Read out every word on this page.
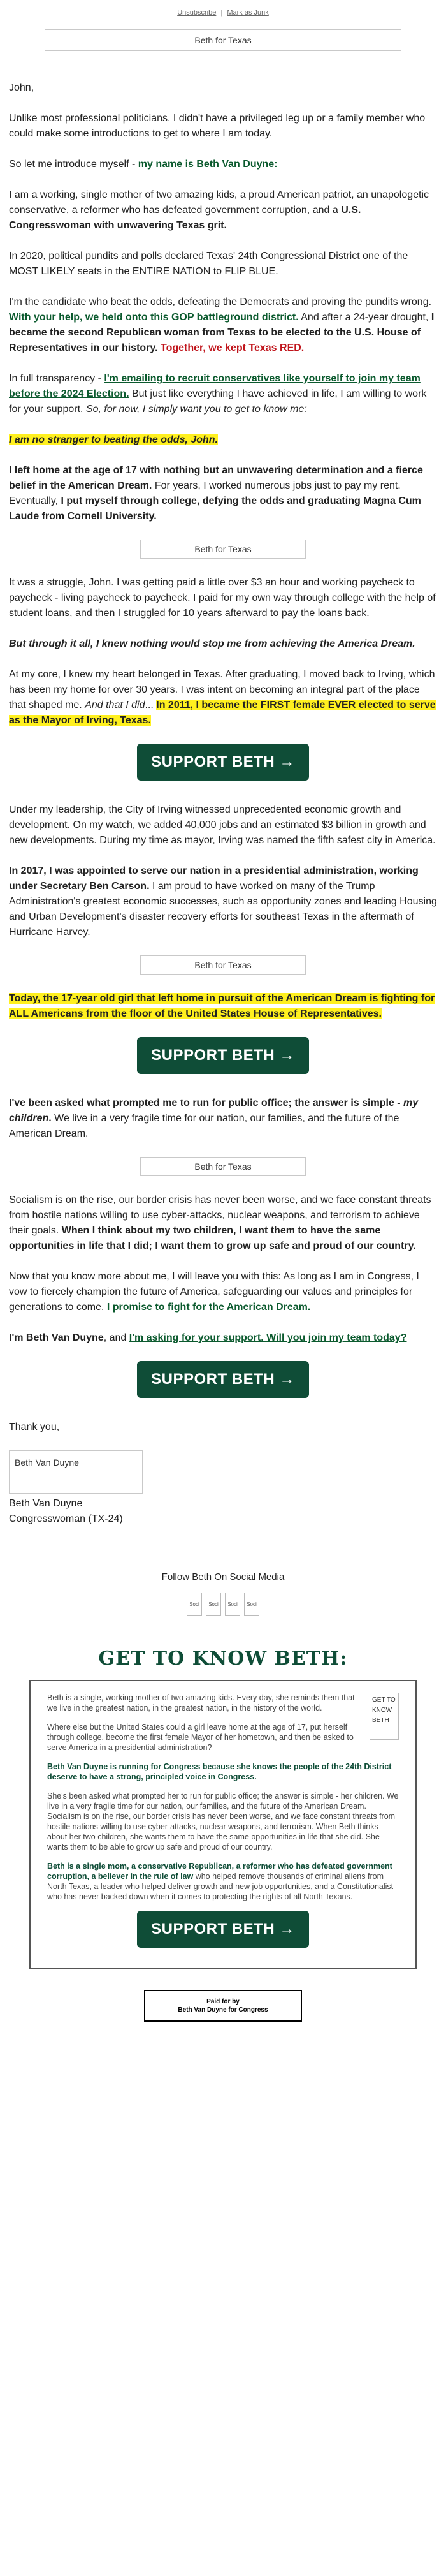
Unsubscribe | Mark as Junk
Beth for Texas

John,

Unlike most professional politicians, I didn't have a privileged leg up or a family member who could make some introductions to get to where I am today.

So let me introduce myself - my name is Beth Van Duyne:

I am a working, single mother of two amazing kids, a proud American patriot, an unapologetic conservative, a reformer who has defeated government corruption, and a U.S. Congresswoman with unwavering Texas grit.

In 2020, political pundits and polls declared Texas' 24th Congressional District one of the MOST LIKELY seats in the ENTIRE NATION to FLIP BLUE.

I'm the candidate who beat the odds, defeating the Democrats and proving the pundits wrong. With your help, we held onto this GOP battleground district. And after a 24-year drought, I became the second Republican woman from Texas to be elected to the U.S. House of Representatives in our history. Together, we kept Texas RED.

In full transparency - I'm emailing to recruit conservatives like yourself to join my team before the 2024 Election. But just like everything I have achieved in life, I am willing to work for your support. So, for now, I simply want you to get to know me:

I am no stranger to beating the odds, John.

I left home at the age of 17 with nothing but an unwavering determination and a fierce belief in the American Dream. For years, I worked numerous jobs just to pay my rent. Eventually, I put myself through college, defying the odds and graduating Magna Cum Laude from Cornell University.

Beth for Texas

It was a struggle, John. I was getting paid a little over $3 an hour and working paycheck to paycheck - living paycheck to paycheck. I paid for my own way through college with the help of student loans, and then I struggled for 10 years afterward to pay the loans back.

But through it all, I knew nothing would stop me from achieving the America Dream.

At my core, I knew my heart belonged in Texas. After graduating, I moved back to Irving, which has been my home for over 30 years. I was intent on becoming an integral part of the place that shaped me. And that I did... In 2011, I became the FIRST female EVER elected to serve as the Mayor of Irving, Texas.

SUPPORT BETH →

Under my leadership, the City of Irving witnessed unprecedented economic growth and development. On my watch, we added 40,000 jobs and an estimated $3 billion in growth and new developments. During my time as mayor, Irving was named the fifth safest city in America.

In 2017, I was appointed to serve our nation in a presidential administration, working under Secretary Ben Carson. I am proud to have worked on many of the Trump Administration's greatest economic successes, such as opportunity zones and leading Housing and Urban Development's disaster recovery efforts for southeast Texas in the aftermath of Hurricane Harvey.

Beth for Texas

Today, the 17-year old girl that left home in pursuit of the American Dream is fighting for ALL Americans from the floor of the United States House of Representatives.

SUPPORT BETH →

I've been asked what prompted me to run for public office; the answer is simple - my children. We live in a very fragile time for our nation, our families, and the future of the American Dream.

Beth for Texas

Socialism is on the rise, our border crisis has never been worse, and we face constant threats from hostile nations willing to use cyber-attacks, nuclear weapons, and terrorism to achieve their goals. When I think about my two children, I want them to have the same opportunities in life that I did; I want them to grow up safe and proud of our country.

Now that you know more about me, I will leave you with this: As long as I am in Congress, I vow to fiercely champion the future of America, safeguarding our values and principles for generations to come. I promise to fight for the American Dream.

I'm Beth Van Duyne, and I'm asking for your support. Will you join my team today?

SUPPORT BETH →

Thank you,

Beth Van Duyne
Beth Van Duyne
Congresswoman (TX-24)
Follow Beth On Social Media
Soci	Soci	Soci	Soci
GET TO KNOW BETH:

Beth is a single, working mother of two amazing kids. Every day, she reminds them that we live in the greatest nation, in the greatest nation, in the history of the world.

Where else but the United States could a girl leave home at the age of 17, put herself through college, become the first female Mayor of her hometown, and then be asked to serve America in a presidential administration?

GET TO KNOW BETH

Beth Van Duyne is running for Congress because she knows the people of the 24th District deserve to have a strong, principled voice in Congress.

She's been asked what prompted her to run for public office; the answer is simple - her children. We live in a very fragile time for our nation, our families, and the future of the American Dream. Socialism is on the rise, our border crisis has never been worse, and we face constant threats from hostile nations willing to use cyber-attacks, nuclear weapons, and terrorism. When Beth thinks about her two children, she wants them to have the same opportunities in life that she did. She wants them to be able to grow up safe and proud of our country.

Beth is a single mom, a conservative Republican, a reformer who has defeated government corruption, a believer in the rule of law who helped remove thousands of criminal aliens from North Texas, a leader who helped deliver growth and new job opportunities, and a Constitutionalist who has never backed down when it comes to protecting the rights of all North Texans.

SUPPORT BETH →
Paid for by
Beth Van Duyne for Congress
